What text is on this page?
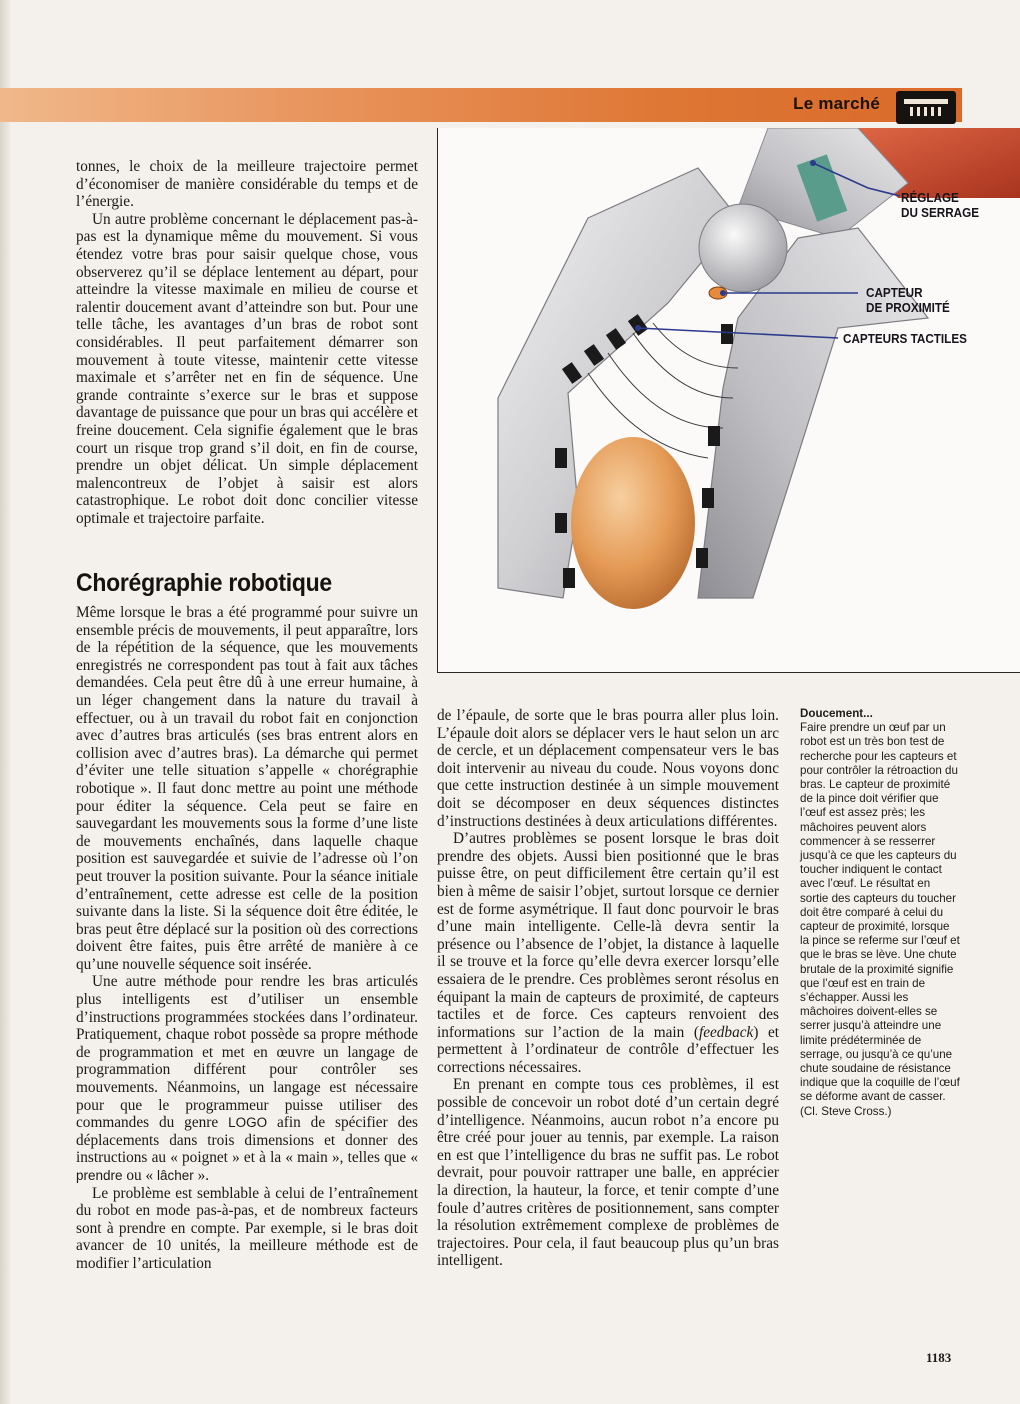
Le marché

tonnes, le choix de la meilleure trajectoire permet d’économiser de manière considérable du temps et de l’énergie.

Un autre problème concernant le déplacement pas-à-pas est la dynamique même du mouvement. Si vous étendez votre bras pour saisir quelque chose, vous observerez qu’il se déplace lentement au départ, pour atteindre la vitesse maximale en milieu de course et ralentir doucement avant d’atteindre son but. Pour une telle tâche, les avantages d’un bras de robot sont considérables. Il peut parfaitement démarrer son mouvement à toute vitesse, maintenir cette vitesse maximale et s’arrêter net en fin de séquence. Une grande contrainte s’exerce sur le bras et suppose davantage de puissance que pour un bras qui accélère et freine doucement. Cela signifie également que le bras court un risque trop grand s’il doit, en fin de course, prendre un objet délicat. Un simple déplacement malencontreux de l’objet à saisir est alors catastrophique. Le robot doit donc concilier vitesse optimale et trajectoire parfaite.

Chorégraphie robotique

Même lorsque le bras a été programmé pour suivre un ensemble précis de mouvements, il peut apparaître, lors de la répétition de la séquence, que les mouvements enregistrés ne correspondent pas tout à fait aux tâches demandées. Cela peut être dû à une erreur humaine, à un léger changement dans la nature du travail à effectuer, ou à un travail du robot fait en conjonction avec d’autres bras articulés (ses bras entrent alors en collision avec d’autres bras). La démarche qui permet d’éviter une telle situation s’appelle « chorégraphie robotique ». Il faut donc mettre au point une méthode pour éditer la séquence. Cela peut se faire en sauvegardant les mouvements sous la forme d’une liste de mouvements enchaînés, dans laquelle chaque position est sauvegardée et suivie de l’adresse où l’on peut trouver la position suivante. Pour la séance initiale d’entraînement, cette adresse est celle de la position suivante dans la liste. Si la séquence doit être éditée, le bras peut être déplacé sur la position où des corrections doivent être faites, puis être arrêté de manière à ce qu’une nouvelle séquence soit insérée.

Une autre méthode pour rendre les bras articulés plus intelligents est d’utiliser un ensemble d’instructions programmées stockées dans l’ordinateur. Pratiquement, chaque robot possède sa propre méthode de programmation et met en œuvre un langage de programmation différent pour contrôler ses mouvements. Néanmoins, un langage est nécessaire pour que le programmeur puisse utiliser des commandes du genre LOGO afin de spécifier des déplacements dans trois dimensions et donner des instructions au « poignet » et à la « main », telles que « prendre ou « lâcher ».

Le problème est semblable à celui de l’entraînement du robot en mode pas-à-pas, et de nombreux facteurs sont à prendre en compte. Par exemple, si le bras doit avancer de 10 unités, la meilleure méthode est de modifier l’articulation

RÉGLAGE
DU SERRAGE
CAPTEUR
DE PROXIMITÉ
CAPTEURS TACTILES

de l’épaule, de sorte que le bras pourra aller plus loin. L’épaule doit alors se déplacer vers le haut selon un arc de cercle, et un déplacement compensateur vers le bas doit intervenir au niveau du coude. Nous voyons donc que cette instruction destinée à un simple mouvement doit se décomposer en deux séquences distinctes d’instructions destinées à deux articulations différentes.

D’autres problèmes se posent lorsque le bras doit prendre des objets. Aussi bien positionné que le bras puisse être, on peut difficilement être certain qu’il est bien à même de saisir l’objet, surtout lorsque ce dernier est de forme asymétrique. Il faut donc pourvoir le bras d’une main intelligente. Celle-là devra sentir la présence ou l’absence de l’objet, la distance à laquelle il se trouve et la force qu’elle devra exercer lorsqu’elle essaiera de le prendre. Ces problèmes seront résolus en équipant la main de capteurs de proximité, de capteurs tactiles et de force. Ces capteurs renvoient des informations sur l’action de la main (feedback) et permettent à l’ordinateur de contrôle d’effectuer les corrections nécessaires.

En prenant en compte tous ces problèmes, il est possible de concevoir un robot doté d’un certain degré d’intelligence. Néanmoins, aucun robot n’a encore pu être créé pour jouer au tennis, par exemple. La raison en est que l’intelligence du bras ne suffit pas. Le robot devrait, pour pouvoir rattraper une balle, en apprécier la direction, la hauteur, la force, et tenir compte d’une foule d’autres critères de positionnement, sans compter la résolution extrêmement complexe de problèmes de trajectoires. Pour cela, il faut beaucoup plus qu’un bras intelligent.

Doucement...
Faire prendre un œuf par un robot est un très bon test de recherche pour les capteurs et pour contrôler la rétroaction du bras. Le capteur de proximité de la pince doit vérifier que l’œuf est assez près; les mâchoires peuvent alors commencer à se resserrer jusqu’à ce que les capteurs du toucher indiquent le contact avec l’œuf. Le résultat en sortie des capteurs du toucher doit être comparé à celui du capteur de proximité, lorsque la pince se referme sur l’œuf et que le bras se lève. Une chute brutale de la proximité signifie que l’œuf est en train de s’échapper. Aussi les mâchoires doivent-elles se serrer jusqu’à atteindre une limite prédéterminée de serrage, ou jusqu’à ce qu’une chute soudaine de résistance indique que la coquille de l’œuf se déforme avant de casser.
(Cl. Steve Cross.)
1183
